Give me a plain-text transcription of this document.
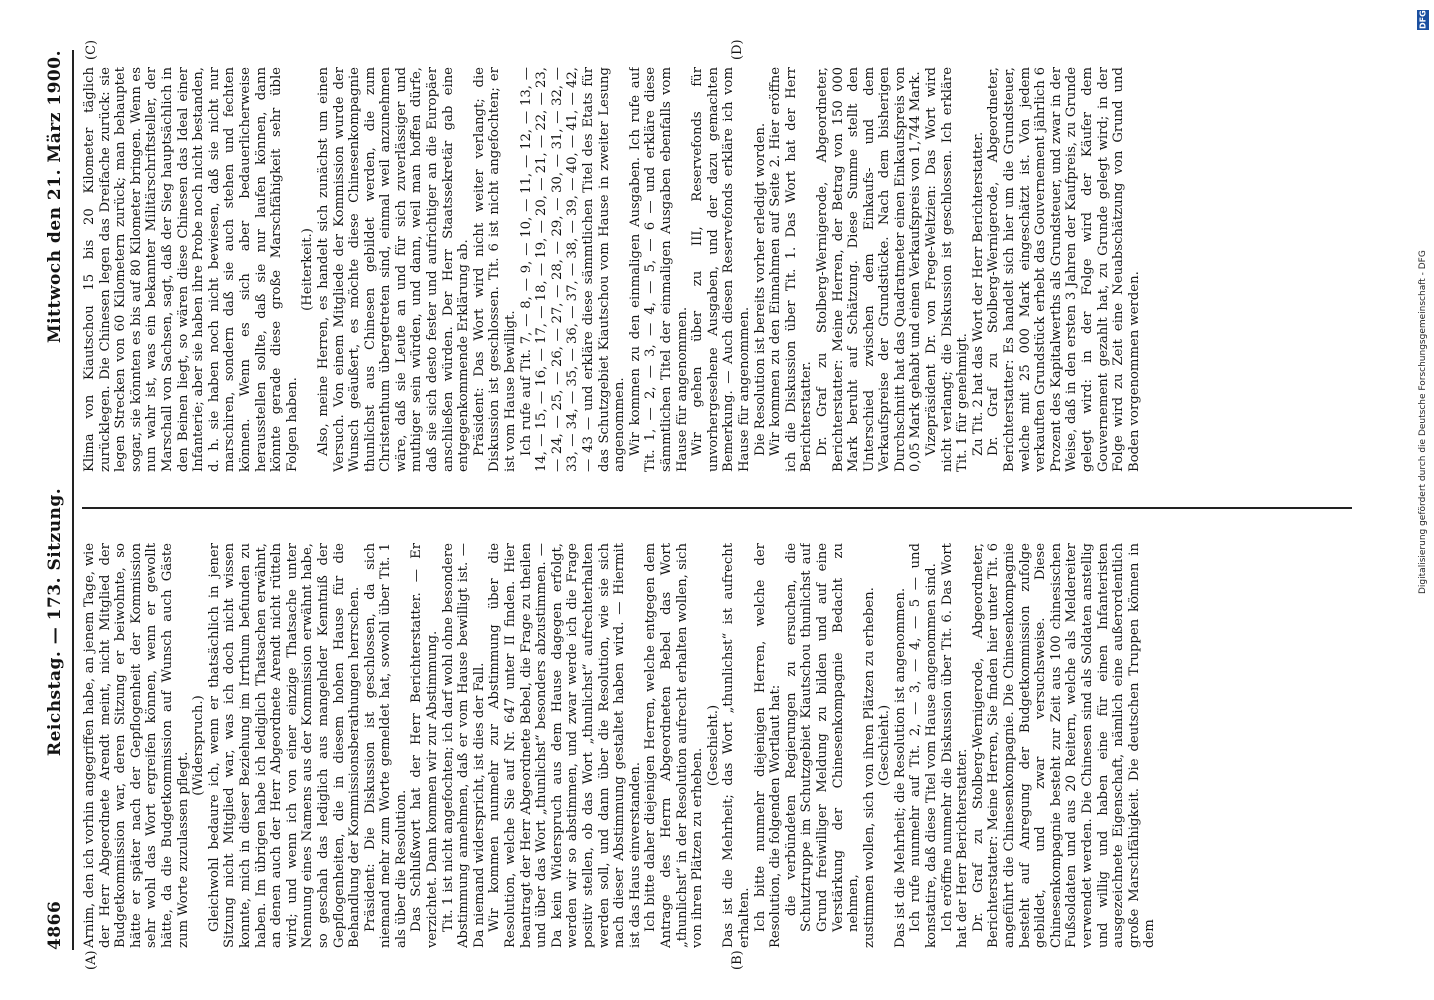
DFG
Digitalisierung gefördert durch die Deutsche Forschungsgemeinschaft - DFG
4866
Reichstag. — 173. Sitzung.
Mittwoch den 21. März 1900.
(A)	(B)
(C)	(D)

Arnim, den ich vorhin angegriffen habe, an jenem Tage, wie der Herr Abgeordnete Arendt meint, nicht Mitglied der Budgetkommission war, deren Sitzung er beiwohnte, so hätte er später nach der Gepflogenheit der Kommission sehr wohl das Wort ergreifen können, wenn er gewollt hätte, da die Budgetkommission auf Wunsch auch Gäste zum Worte zuzulassen pflegt.

(Widerspruch.) Gleichwohl bedaure ich, wenn er thatsächlich in jener Sitzung nicht Mitglied war, was ich doch nicht wissen konnte, mich in dieser Beziehung im Irrthum befunden zu haben. Im übrigen habe ich lediglich Thatsachen erwähnt, an denen auch der Herr Abgeordnete Arendt nicht rütteln wird; und wenn ich von einer einzige Thatsache unter Nennung eines Namens aus der Kommission erwähnt habe, so geschah das lediglich aus mangelnder Kenntniß der Gepflogenheiten, die in diesem hohen Hause für die Behandlung der Kommissionsberathungen herrschen. Präsident: Die Diskussion ist geschlossen, da sich niemand mehr zum Worte gemeldet hat, sowohl über Tit. 1 als über die Resolution. Das Schlußwort hat der Herr Berichterstatter. — Er verzichtet. Dann kommen wir zur Abstimmung. Tit. 1 ist nicht angefochten; ich darf wohl ohne besondere Abstimmung annehmen, daß er vom Hause bewilligt ist. — Da niemand widerspricht, ist dies der Fall. Wir kommen nunmehr zur Abstimmung über die Resolution, welche Sie auf Nr. 647 unter II finden. Hier beantragt der Herr Abgeordnete Bebel, die Frage zu theilen und über das Wort „thunlichst“ besonders abzustimmen. — Da kein Widerspruch aus dem Hause dagegen erfolgt, werden wir so abstimmen, und zwar werde ich die Frage positiv stellen, ob das Wort „thunlichst“ aufrechterhalten werden soll, und dann über die Resolution, wie sie sich nach dieser Abstimmung gestaltet haben wird. — Hiermit ist das Haus einverstanden. Ich bitte daher diejenigen Herren, welche entgegen dem Antrage des Herrn Abgeordneten Bebel das Wort „thunlichst“ in der Resolution aufrecht erhalten wollen, sich von ihren Plätzen zu erheben.

(Geschieht.) Das ist die Mehrheit; das Wort „thunlichst“ ist aufrecht erhalten. Ich bitte nunmehr diejenigen Herren, welche der Resolution, die folgenden Wortlaut hat: die verbündeten Regierungen zu ersuchen, die Schutztruppe im Schutzgebiet Kiautschou thunlichst auf Grund freiwilliger Meldung zu bilden und auf eine Verstärkung der Chinesenkompagnie Bedacht zu nehmen, zustimmen wollen, sich von ihren Plätzen zu erheben. (Geschieht.) Das ist die Mehrheit; die Resolution ist angenommen. Ich rufe nunmehr auf Tit. 2, — 3, — 4, — 5 — und konstatire, daß diese Titel vom Hause angenommen sind. Ich eröffne nunmehr die Diskussion über Tit. 6. Das Wort hat der Herr Berichterstatter. Dr. Graf zu Stolberg-Wernigerode, Abgeordneter, Berichterstatter: Meine Herren, Sie finden hier unter Tit. 6 angeführt die Chinesenkompagnie. Die Chinesenkompagnie besteht auf Anregung der Budgetkommission zufolge gebildet, und zwar versuchsweise. Diese Chinesenkompagnie besteht zur Zeit aus 100 chinesischen Fußsoldaten und aus 20 Reitern, welche als Meldereiter verwendet werden. Die Chinesen sind als Soldaten anstellig und willig und haben eine für einen Infanteristen ausgezeichnete Eigenschaft, nämlich eine außerordentlich große Marschfähigkeit. Die deutschen Truppen können in dem

Klima von Kiautschou 15 bis 20 Kilometer täglich zurücklegen. Die Chinesen legen das Dreifache zurück: sie legen Strecken von 60 Kilometern zurück; man behauptet sogar, sie könnten es bis auf 80 Kilometer bringen. Wenn es nun wahr ist, was ein bekannter Militärschriftsteller, der Marschall von Sachsen, sagt, daß der Sieg hauptsächlich in den Beinen liegt, so wären diese Chinesen das Ideal einer Infanterie; aber sie haben ihre Probe noch nicht bestanden, d. h. sie haben noch nicht bewiesen, daß sie nicht nur marschiren, sondern daß sie auch stehen und fechten können. Wenn es sich aber bedauerlicherweise herausstellen sollte, daß sie nur laufen können, dann könnte gerade diese große Marschfähigkeit sehr üble Folgen haben.

(Heiterkeit.) Also, meine Herren, es handelt sich zunächst um einen Versuch. Von einem Mitgliede der Kommission wurde der Wunsch geäußert, es möchte diese Chinesenkompagnie thunlichst aus Chinesen gebildet werden, die zum Christenthum übergetreten sind, einmal weil anzunehmen wäre, daß sie Leute an und für sich zuverlässiger und muthiger sein würden, und dann, weil man hoffen dürfe, daß sie sich desto fester und aufrichtiger an die Europäer anschließen würden. Der Herr Staatssekretär gab eine entgegenkommende Erklärung ab. Präsident: Das Wort wird nicht weiter verlangt; die Diskussion ist geschlossen. Tit. 6 ist nicht angefochten; er ist vom Hause bewilligt. Ich rufe auf Tit. 7, — 8, — 9, — 10, — 11, — 12, — 13, — 14, — 15, — 16, — 17, — 18, — 19, — 20, — 21, — 22, — 23, — 24, — 25, — 26, — 27, — 28, — 29, — 30, — 31, — 32, — 33, — 34, — 35, — 36, — 37, — 38, — 39, — 40, — 41, — 42, — 43 — und erkläre diese sämmtlichen Titel des Etats für das Schutzgebiet Kiautschou vom Hause in zweiter Lesung angenommen. Wir kommen zu den einmaligen Ausgaben. Ich rufe auf Tit. 1, — 2, — 3, — 4, — 5, — 6 — und erkläre diese sämmtlichen Titel der einmaligen Ausgaben ebenfalls vom Hause für angenommen. Wir gehen über zu III, Reservefonds für unvorhergesehene Ausgaben, und der dazu gemachten Bemerkung. — Auch diesen Reservefonds erkläre ich vom Hause für angenommen. Die Resolution ist bereits vorher erledigt worden. Wir kommen zu den Einnahmen auf Seite 2. Hier eröffne ich die Diskussion über Tit. 1. Das Wort hat der Herr Berichterstatter. Dr. Graf zu Stolberg-Wernigerode, Abgeordneter, Berichterstatter: Meine Herren, der Betrag von 150 000 Mark beruht auf Schätzung. Diese Summe stellt den Unterschied zwischen dem Einkaufs- und dem Verkaufspreise der Grundstücke. Nach dem bisherigen Durchschnitt hat das Quadratmeter einen Einkaufspreis von 0,05 Mark gehabt und einen Verkaufspreis von 1,744 Mark. Vizepräsident Dr. von Frege-Weltzien: Das Wort wird nicht verlangt; die Diskussion ist geschlossen. Ich erkläre Tit. 1 für genehmigt. Zu Tit. 2 hat das Wort der Herr Berichterstatter. Dr. Graf zu Stolberg-Wernigerode, Abgeordneter, Berichterstatter: Es handelt sich hier um die Grundsteuer, welche mit 25 000 Mark eingeschätzt ist. Von jedem verkauften Grundstück erhebt das Gouvernement jährlich 6 Prozent des Kapitalwerths als Grundsteuer, und zwar in der Weise, daß in den ersten 3 Jahren der Kaufpreis, zu Grunde gelegt wird: in der Folge wird der Käufer dem Gouvernement gezahlt hat, zu Grunde gelegt wird; in der Folge wird zu Zeit eine Neuabschätzung von Grund und Boden vorgenommen werden.
